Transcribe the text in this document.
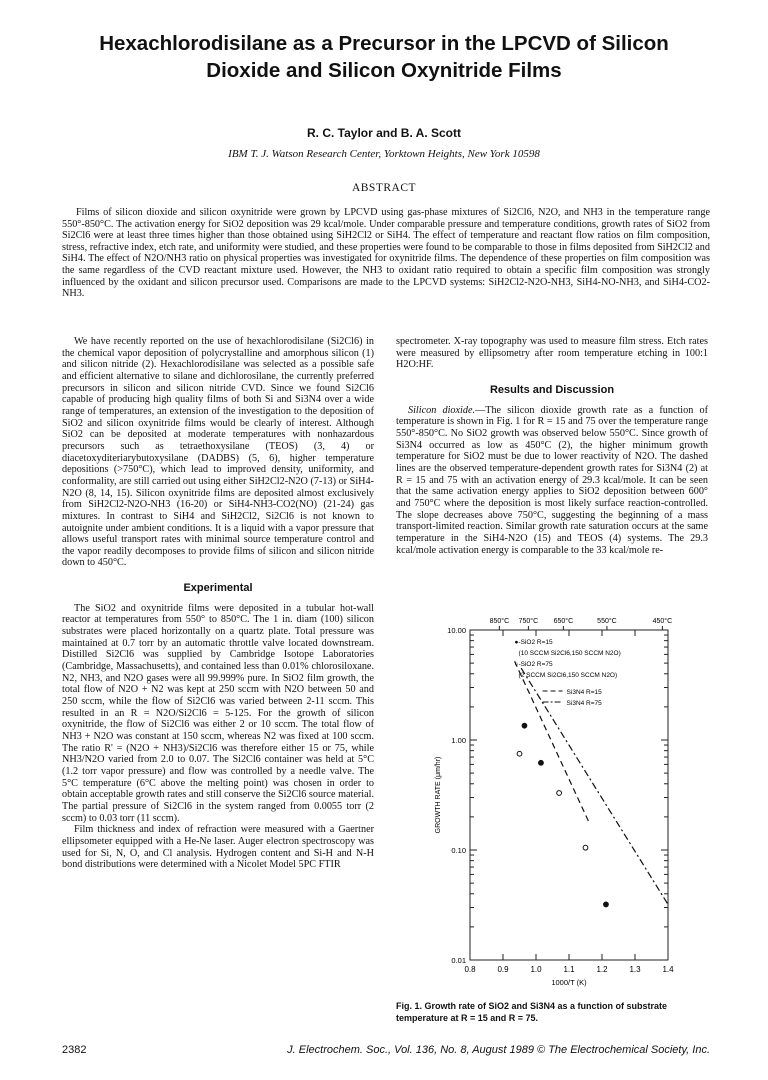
Hexachlorodisilane as a Precursor in the LPCVD of Silicon
Dioxide and Silicon Oxynitride Films
R. C. Taylor and B. A. Scott
IBM T. J. Watson Research Center, Yorktown Heights, New York 10598
ABSTRACT

Films of silicon dioxide and silicon oxynitride were grown by LPCVD using gas-phase mixtures of Si2Cl6, N2O, and NH3 in the temperature range 550°-850°C. The activation energy for SiO2 deposition was 29 kcal/mole. Under comparable pressure and temperature conditions, growth rates of SiO2 from Si2Cl6 were at least three times higher than those obtained using SiH2Cl2 or SiH4. The effect of temperature and reactant flow ratios on film composition, stress, refractive index, etch rate, and uniformity were studied, and these properties were found to be comparable to those in films deposited from SiH2Cl2 and SiH4. The effect of N2O/NH3 ratio on physical properties was investigated for oxynitride films. The dependence of these properties on film composition was the same regardless of the CVD reactant mixture used. However, the NH3 to oxidant ratio required to obtain a specific film composition was strongly influenced by the oxidant and silicon precursor used. Comparisons are made to the LPCVD systems: SiH2Cl2-N2O-NH3, SiH4-NO-NH3, and SiH4-CO2-NH3.

We have recently reported on the use of hexachlorodisilane (Si2Cl6) in the chemical vapor deposition of polycrystalline and amorphous silicon (1) and silicon nitride (2). Hexachlorodisilane was selected as a possible safe and efficient alternative to silane and dichlorosilane, the currently preferred precursors in silicon and silicon nitride CVD. Since we found Si2Cl6 capable of producing high quality films of both Si and Si3N4 over a wide range of temperatures, an extension of the investigation to the deposition of SiO2 and silicon oxynitride films would be clearly of interest. Although SiO2 can be deposited at moderate temperatures with nonhazardous precursors such as tetraethoxysilane (TEOS) (3, 4) or diacetoxyditeriarybutoxysilane (DADBS) (5, 6), higher temperature depositions (>750°C), which lead to improved density, uniformity, and conformality, are still carried out using either SiH2Cl2-N2O (7-13) or SiH4-N2O (8, 14, 15). Silicon oxynitride films are deposited almost exclusively from SiH2Cl2-N2O-NH3 (16-20) or SiH4-NH3-CO2(NO) (21-24) gas mixtures. In contrast to SiH4 and SiH2Cl2, Si2Cl6 is not known to autoignite under ambient conditions. It is a liquid with a vapor pressure that allows useful transport rates with minimal source temperature control and the vapor readily decomposes to provide films of silicon and silicon nitride down to 450°C.

Experimental

The SiO2 and oxynitride films were deposited in a tubular hot-wall reactor at temperatures from 550° to 850°C. The 1 in. diam (100) silicon substrates were placed horizontally on a quartz plate. Total pressure was maintained at 0.7 torr by an automatic throttle valve located downstream. Distilled Si2Cl6 was supplied by Cambridge Isotope Laboratories (Cambridge, Massachusetts), and contained less than 0.01% chlorosiloxane. N2, NH3, and N2O gases were all 99.999% pure. In SiO2 film growth, the total flow of N2O + N2 was kept at 250 sccm with N2O between 50 and 250 sccm, while the flow of Si2Cl6 was varied between 2-11 sccm. This resulted in an R = N2O/Si2Cl6 = 5-125. For the growth of silicon oxynitride, the flow of Si2Cl6 was either 2 or 10 sccm. The total flow of NH3 + N2O was constant at 150 sccm, whereas N2 was fixed at 100 sccm. The ratio R' = (N2O + NH3)/Si2Cl6 was therefore either 15 or 75, while NH3/N2O varied from 2.0 to 0.07. The Si2Cl6 container was held at 5°C (1.2 torr vapor pressure) and flow was controlled by a needle valve. The 5°C temperature (6°C above the melting point) was chosen in order to obtain acceptable growth rates and still conserve the Si2Cl6 source material. The partial pressure of Si2Cl6 in the system ranged from 0.0055 torr (2 sccm) to 0.03 torr (11 sccm).

Film thickness and index of refraction were measured with a Gaertner ellipsometer equipped with a He-Ne laser. Auger electron spectroscopy was used for Si, N, O, and Cl analysis. Hydrogen content and Si-H and N-H bond distributions were determined with a Nicolet Model 5PC FTIR

spectrometer. X-ray topography was used to measure film stress. Etch rates were measured by ellipsometry after room temperature etching in 100:1 H2O:HF.

Results and Discussion

Silicon dioxide.—The silicon dioxide growth rate as a function of temperature is shown in Fig. 1 for R = 15 and 75 over the temperature range 550°-850°C. No SiO2 growth was observed below 550°C. Since growth of Si3N4 occurred as low as 450°C (2), the higher minimum growth temperature for SiO2 must be due to lower reactivity of N2O. The dashed lines are the observed temperature-dependent growth rates for Si3N4 (2) at R = 15 and 75 with an activation energy of 29.3 kcal/mole. It can be seen that the same activation energy applies to SiO2 deposition between 600° and 750°C where the deposition is most likely surface reaction-controlled. The slope decreases above 750°C, suggesting the beginning of a mass transport-limited reaction. Similar growth rate saturation occurs at the same temperature in the SiH4-N2O (15) and TEOS (4) systems. The 29.3 kcal/mole activation energy is comparable to the 33 kcal/mole re-

0.8	0.9	1.0	1.1	1.2	1.3	1.4
1000/T (K)
0.01
0.10
1.00
10.00
GROWTH RATE (μm/hr)
850°C 750°C 650°C	550°C	450°C
●-SiO2 R=15
(10 SCCM Si2Cl6,150 SCCM N2O)
○-SiO2 R=75
(2 SCCM Si2Cl6,150 SCCM N2O)
Si3N4 R=15
Si3N4 R=75
Fig. 1. Growth rate of SiO2 and Si3N4 as a function of substrate temperature at R = 15 and R = 75.
2382	J. Electrochem. Soc., Vol. 136, No. 8, August 1989 © The Electrochemical Society, Inc.
